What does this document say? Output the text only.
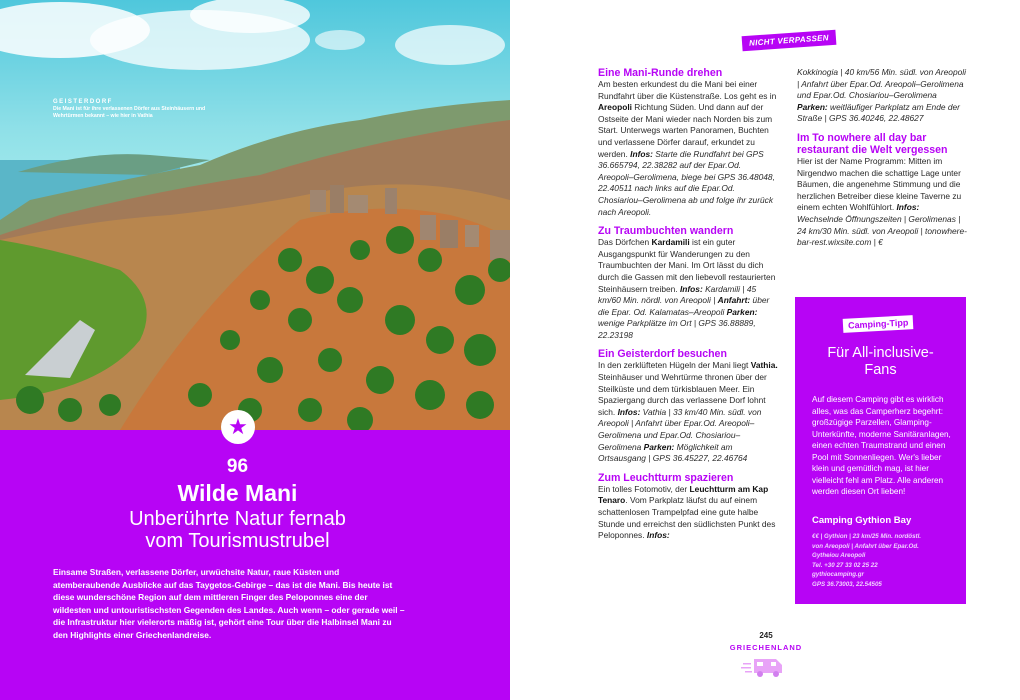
GEISTERDORF
Die Mani ist für ihre verlassenen Dörfer aus Steinhäusern und Wehrtürmen bekannt – wie hier in Vathia
★
96
Wilde Mani
Unberührte Natur fernab
vom Tourismustrubel
Einsame Straßen, verlassene Dörfer, urwüchsite Natur, raue Küsten und atemberaubende Ausblicke auf das Taygetos-Gebirge – das ist die Mani. Bis heute ist diese wunderschöne Region auf dem mittleren Finger des Peloponnes eine der wildesten und untouristischsten Gegenden des Landes. Auch wenn – oder gerade weil – die Infrastruktur hier vielerorts mäßig ist, gehört eine Tour über die Halbinsel Mani zu den Highlights einer Griechenlandreise.
NICHT VERPASSEN
Eine Mani-Runde drehen

Am besten erkundest du die Mani bei einer Rundfahrt über die Küstenstraße. Los geht es in Areopoli Richtung Süden. Und dann auf der Ostseite der Mani wieder nach Norden bis zum Start. Unterwegs warten Panoramen, Buchten und verlassene Dörfer darauf, erkundet zu werden. Infos: Starte die Rundfahrt bei GPS 36.665794, 22.38282 auf der Epar.Od. Areopoli–Gerolimena, biege bei GPS 36.48048, 22.40511 nach links auf die Epar.Od. Chosiariou–Gerolimena ab und folge ihr zurück nach Areopoli.

Zu Traumbuchten wandern

Das Dörfchen Kardamili ist ein guter Ausgangspunkt für Wanderungen zu den Traumbuchten der Mani. Im Ort lässt du dich durch die Gassen mit den liebevoll restaurierten Steinhäusern treiben. Infos: Kardamili | 45 km/60 Min. nördl. von Areopoli | Anfahrt: über die Epar. Od. Kalamatas–Areopoli Parken: wenige Parkplätze im Ort | GPS 36.88889, 22.23198

Ein Geisterdorf besuchen

In den zerklüfteten Hügeln der Mani liegt Vathia. Steinhäuser und Wehrtürme thronen über der Steilküste und dem türkisblauen Meer. Ein Spaziergang durch das verlassene Dorf lohnt sich. Infos: Vathia | 33 km/40 Min. südl. von Areopoli | Anfahrt über Epar.Od. Areopoli–Gerolimena und Epar.Od. Chosiariou–Gerolimena Parken: Möglichkeit am Ortsausgang | GPS 36.45227, 22.46764

Zum Leuchtturm spazieren

Ein tolles Fotomotiv, der Leuchtturm am Kap Tenaro. Vom Parkplatz läufst du auf einem schattenlosen Trampelpfad eine gute halbe Stunde und erreichst den südlichsten Punkt des Peloponnes. Infos:

Kokkinogia | 40 km/56 Min. südl. von Areopoli | Anfahrt über Epar.Od. Areopoli–Gerolimena und Epar.Od. Chosiariou–Gerolimena Parken: weitläufiger Parkplatz am Ende der Straße | GPS 36.40246, 22.48627

Im To nowhere all day bar restaurant die Welt vergessen

Hier ist der Name Programm: Mitten im Nirgendwo machen die schattige Lage unter Bäumen, die angenehme Stimmung und die herzlichen Betreiber diese kleine Taverne zu einem echten Wohlfühlort. Infos: Wechselnde Öffnungszeiten | Gerolimenas | 24 km/30 Min. südl. von Areopoli | tonowhere-bar-rest.wixsite.com | €

Camping-Tipp
Für All-inclusive-
Fans
Auf diesem Camping gibt es wirklich alles, was das Camperherz begehrt: großzügige Parzellen, Glamping-Unterkünfte, moderne Sanitäranlagen, einen echten Traumstrand und einen Pool mit Sonnenliegen. Wer's lieber klein und gemütlich mag, ist hier vielleicht fehl am Platz. Alle anderen werden diesen Ort lieben!
Camping Gythion Bay
€€ | Gythion | 23 km/25 Min. nordöstl.
von Areopoli | Anfahrt über Epar.Od.
Gytheiou Areopoli
Tel. +30 27 33 02 25 22
gythiocamping.gr
GPS 36.73003, 22.54505
245
GRIECHENLAND
